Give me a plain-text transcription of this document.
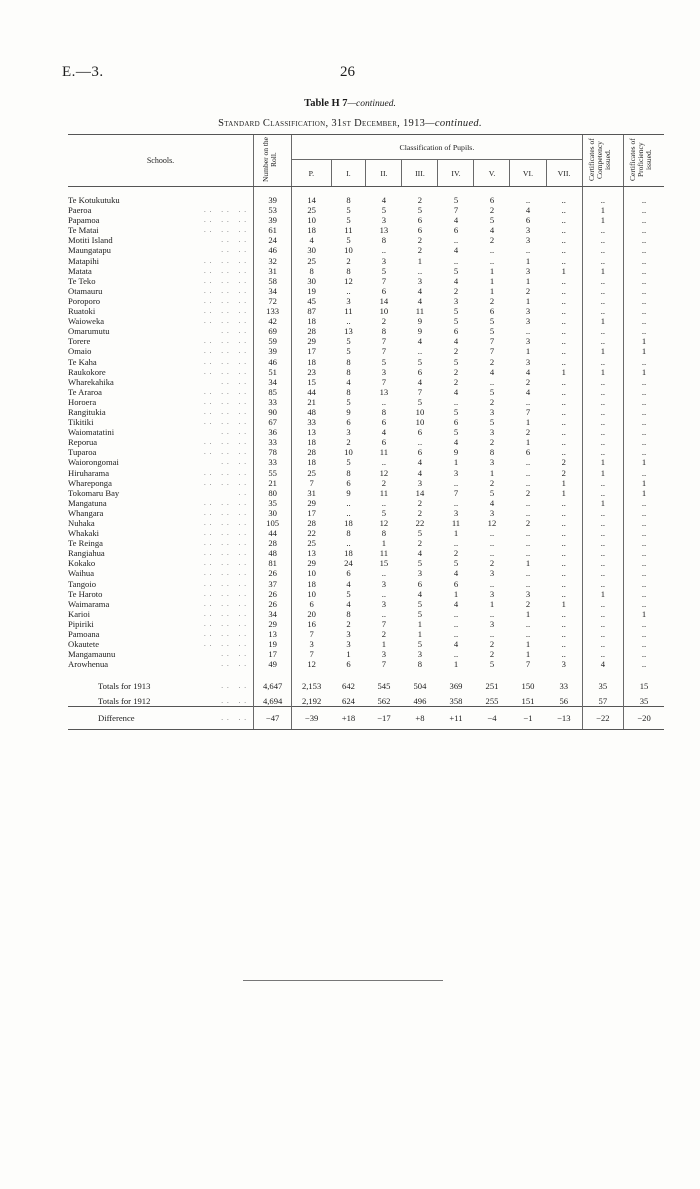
E.—3.	26
Table H 7—continued.
Standard Classification, 31st December, 1913—continued.
Schools.	Number on the Roll.	Classification of Pupils.								Certificates of Competency issued.	Certificates of Proficiency issued.
		P.	I.	II.	III.	IV.	V.	VI.	VII.		
Te Kotukutuku	39	14	8	4	2	5	6	..	..	..	..
Paeroa .. .. ..	53	25	5	5	5	7	2	4	..	1	..
Papamoa .. .. ..	39	10	5	3	6	4	5	6	..	1	..
Te Matai .. .. ..	61	18	11	13	6	6	4	3	..	..	..
Motiti Island .. ..	24	4	5	8	2	..	2	3	..	..	..
Maungatapu .. ..	46	30	10	..	2	4	..	..	..	..	..
Matapihi .. .. ..	32	25	2	3	1	..	..	1	..	..	..
Matata .. .. ..	31	8	8	5	..	5	1	3	1	1	..
Te Teko .. .. ..	58	30	12	7	3	4	1	1	..	..	..
Otamauru .. .. ..	34	19	..	6	4	2	1	2	..	..	..
Poroporo .. .. ..	72	45	3	14	4	3	2	1	..	..	..
Ruatoki .. .. ..	133	87	11	10	11	5	6	3	..	..	..
Waioweka .. .. ..	42	18	..	2	9	5	5	3	..	1	..
Omarumutu .. ..	69	28	13	8	9	6	5	..	..	..	..
Torere .. .. ..	59	29	5	7	4	4	7	3	..	..	1
Omaio .. .. ..	39	17	5	7	..	2	7	1	..	1	1
Te Kaha .. .. ..	46	18	8	5	5	5	2	3	..	..	..
Raukokore .. .. ..	51	23	8	3	6	2	4	4	1	1	1
Wharekahika .. ..	34	15	4	7	4	2	..	2	..	..	..
Te Araroa .. .. ..	85	44	8	13	7	4	5	4	..	..	..
Horoera .. .. ..	33	21	5	..	5	..	2	..	..	..	..
Rangitukia .. .. ..	90	48	9	8	10	5	3	7	..	..	..
Tikitiki .. .. ..	67	33	6	6	10	6	5	1	..	..	..
Waiomatatini .. ..	36	13	3	4	6	5	3	2	..	..	..
Reporua .. .. ..	33	18	2	6	..	4	2	1	..	..	..
Tuparoa .. .. ..	78	28	10	11	6	9	8	6	..	..	..
Waiorongomai .. ..	33	18	5	..	4	1	3	..	2	1	1
Hiruharama .. .. ..	55	25	8	12	4	3	1	..	2	1	..
Whareponga .. .. ..	21	7	6	2	3	..	2	..	1	..	1
Tokomaru Bay ..	80	31	9	11	14	7	5	2	1	..	1
Mangatuna .. .. ..	35	29	..	..	2	..	4	..	..	1	..
Whangara .. .. ..	30	17	..	5	2	3	3	..	..	..	..
Nuhaka .. .. ..	105	28	18	12	22	11	12	2	..	..	..
Whakaki .. .. ..	44	22	8	8	5	1	..	..	..	..	..
Te Reinga .. .. ..	28	25	..	1	2	..	..	..	..	..	..
Rangiahua .. .. ..	48	13	18	11	4	2	..	..	..	..	..
Kokako .. .. ..	81	29	24	15	5	5	2	1	..	..	..
Waihua .. .. ..	26	10	6	..	3	4	3	..	..	..	..
Tangoio .. .. ..	37	18	4	3	6	6	..	..	..	..	..
Te Haroto .. .. ..	26	10	5	..	4	1	3	3	..	1	..
Waimarama .. .. ..	26	6	4	3	5	4	1	2	1	..	..
Karioi .. .. ..	34	20	8	..	5	..	..	1	..	..	1
Pipiriki .. .. ..	29	16	2	7	1	..	3	..	..	..	..
Pamoana .. .. ..	13	7	3	2	1	..	..	..	..	..	..
Okautete .. .. ..	19	3	3	1	5	4	2	1	..	..	..
Mangamaunu .. ..	17	7	1	3	3	..	2	1	..	..	..
Arowhenua .. ..	49	12	6	7	8	1	5	7	3	4	..
Totals for 1913 .. ..	4,647	2,153	642	545	504	369	251	150	33	35	15
Totals for 1912 .. ..	4,694	2,192	624	562	496	358	255	151	56	57	35
Difference .. ..	−47	−39	+18	−17	+8	+11	−4	−1	−13	−22	−20
